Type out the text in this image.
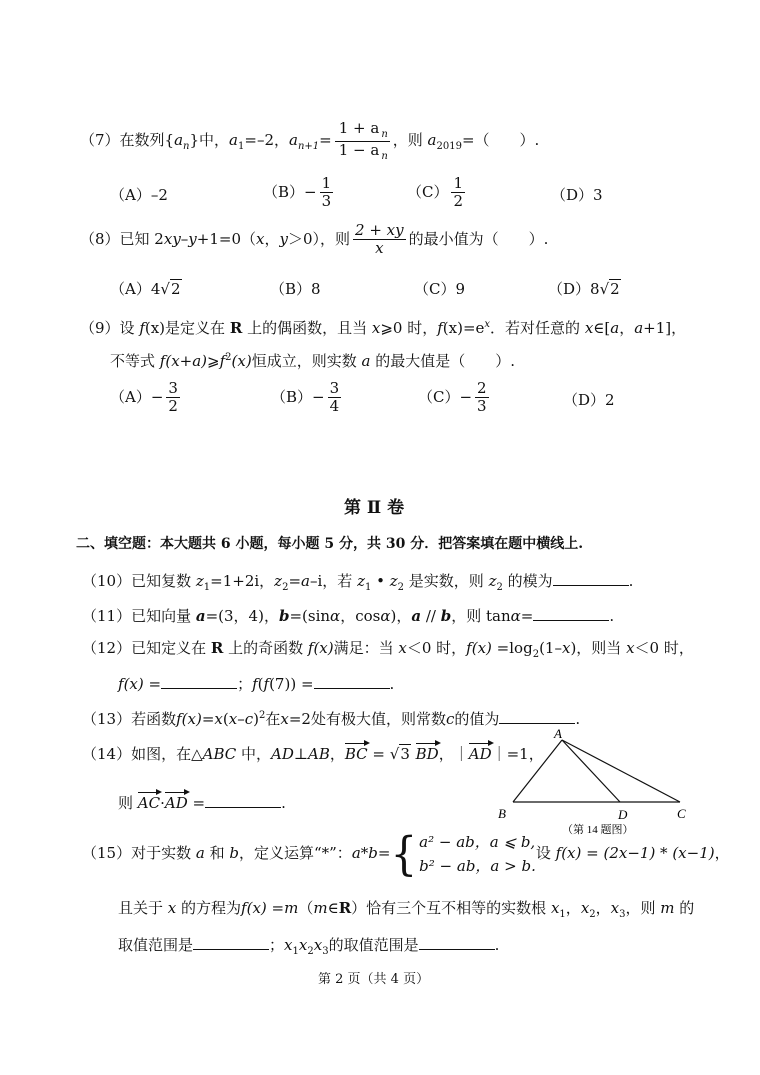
（7）在数列$\{a_n\}$中，$a_1=-2$，$a_{n+1}= \frac{1 + a _n}{1 - a _n}$ ，则 $a_{2019}=$（　　）.
（A）–2	$(B)- \frac{1}{3}$	$(C) \frac{1}{2}$	（D）3
（8）已知 2xy–y+1=0（x，y＞0），则 $\frac{2 + xy}{x}$ 的最小值为（　　）.
（A）4√2	（B）8	（C）9	（D）8√2
（9）设 f(x)是定义在 R 上的偶函数，且当 x⩾0 时，$f(x)=e^x$．若对任意的 x∈[a，a+1]，
不等式 $f(x+a)⩾f^2(x)$恒成立，则实数 a 的最大值是（　　）.
$(A)- \frac{3}{2}$	$(B)- \frac{3}{4}$	$(C)- \frac{2}{3}$	（D）2
第 Ⅱ 卷
二、填空题：本大题共 6 小题，每小题 5 分，共 30 分．把答案填在题中横线上.
（10）已知复数 $z_1=1+2i$，$z_2=a-i$，若 $z_1$ • $z_2$ 是实数，则 $z_2$ 的模为	.
（11）已知向量 a=(3，4)，b=(sinα，cosα)，a // b，则 tanα=	.
（12）已知定义在 R 上的奇函数 f(x)满足：当 x＜0 时，$f(x) =\log_2(1-x)$，则当 x＜0 时，
f(x) =	；f(f(7)) =	.
（13）若函数$f(x)=x(x-c)^2$在x=2处有极大值，则常数c的值为	.
（14）如图，在△ABC 中，AD⊥AB，BC = √3 BD，｜AD｜=1，
则 AC·AD =	.
A
B	D	C
（第 14 题图）
（15）对于实数 a 和 b，定义运算“*”：a*b={ a² − ab，a ⩽ b,
b² − ab，a > b.
设 f(x) = (2x−1) * (x−1)，
且关于 x 的方程为f(x) =m（m∈R）恰有三个互不相等的实数根 $x_1$，$x_2$，$x_3$，则 m 的
取值范围是	；$x_1x_2x_3$的取值范围是	.
第 2 页（共 4 页）
